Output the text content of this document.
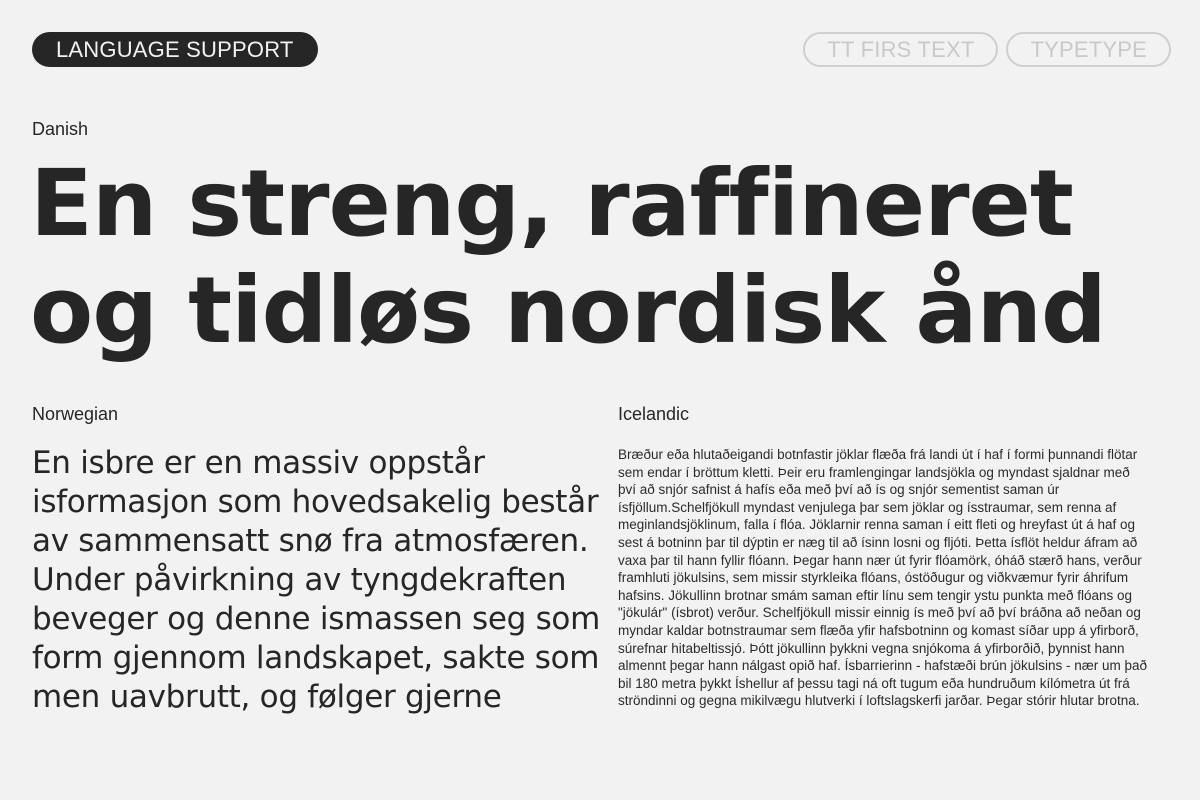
LANGUAGE SUPPORT	TT FIRS TEXT	TYPETYPE
Danish
En streng, raffineret og tidløs nordisk ånd
Norwegian

En isbre er en massiv oppstår isformasjon som hovedsakelig består av sammensatt snø fra atmosfæren. Under påvirkning av tyngdekraften beveger og denne ismassen seg som form gjennom landskapet, sakte som men uavbrutt, og følger gjerne

Icelandic

Bræður eða hlutaðeigandi botnfastir jöklar flæða frá landi út í haf í formi þunnandi flötar sem endar í bröttum kletti. Þeir eru framlengingar landsjökla og myndast sjaldnar með því að snjór safnist á hafís eða með því að ís og snjór sementist saman úr ísfjöllum.Schelfjökull myndast venjulega þar sem jöklar og ísstraumar, sem renna af meginlandsjöklinum, falla í flóa. Jöklarnir renna saman í eitt fleti og hreyfast út á haf og sest á botninn þar til dýptin er næg til að ísinn losni og fljóti. Þetta ísflöt heldur áfram að vaxa þar til hann fyllir flóann. Þegar hann nær út fyrir flóamörk, óháð stærð hans, verður framhluti jökulsins, sem missir styrkleika flóans, óstöðugur og viðkvæmur fyrir áhrifum hafsins. Jökullinn brotnar smám saman eftir línu sem tengir ystu punkta með flóans og "jökulár" (ísbrot) verður. Schelfjökull missir einnig ís með því að því bráðna að neðan og myndar kaldar botnstraumar sem flæða yfir hafsbotninn og komast síðar upp á yfirborð, súrefnar hitabeltissjó. Þótt jökullinn þykkni vegna snjókoma á yfirborðið, þynnist hann almennt þegar hann nálgast opið haf. Ísbarrierinn - hafstæði brún jökulsins - nær um það bil 180 metra þykkt Íshellur af þessu tagi ná oft tugum eða hundruðum kílómetra út frá ströndinni og gegna mikilvægu hlutverki í loftslagskerfi jarðar. Þegar stórir hlutar brotna.
